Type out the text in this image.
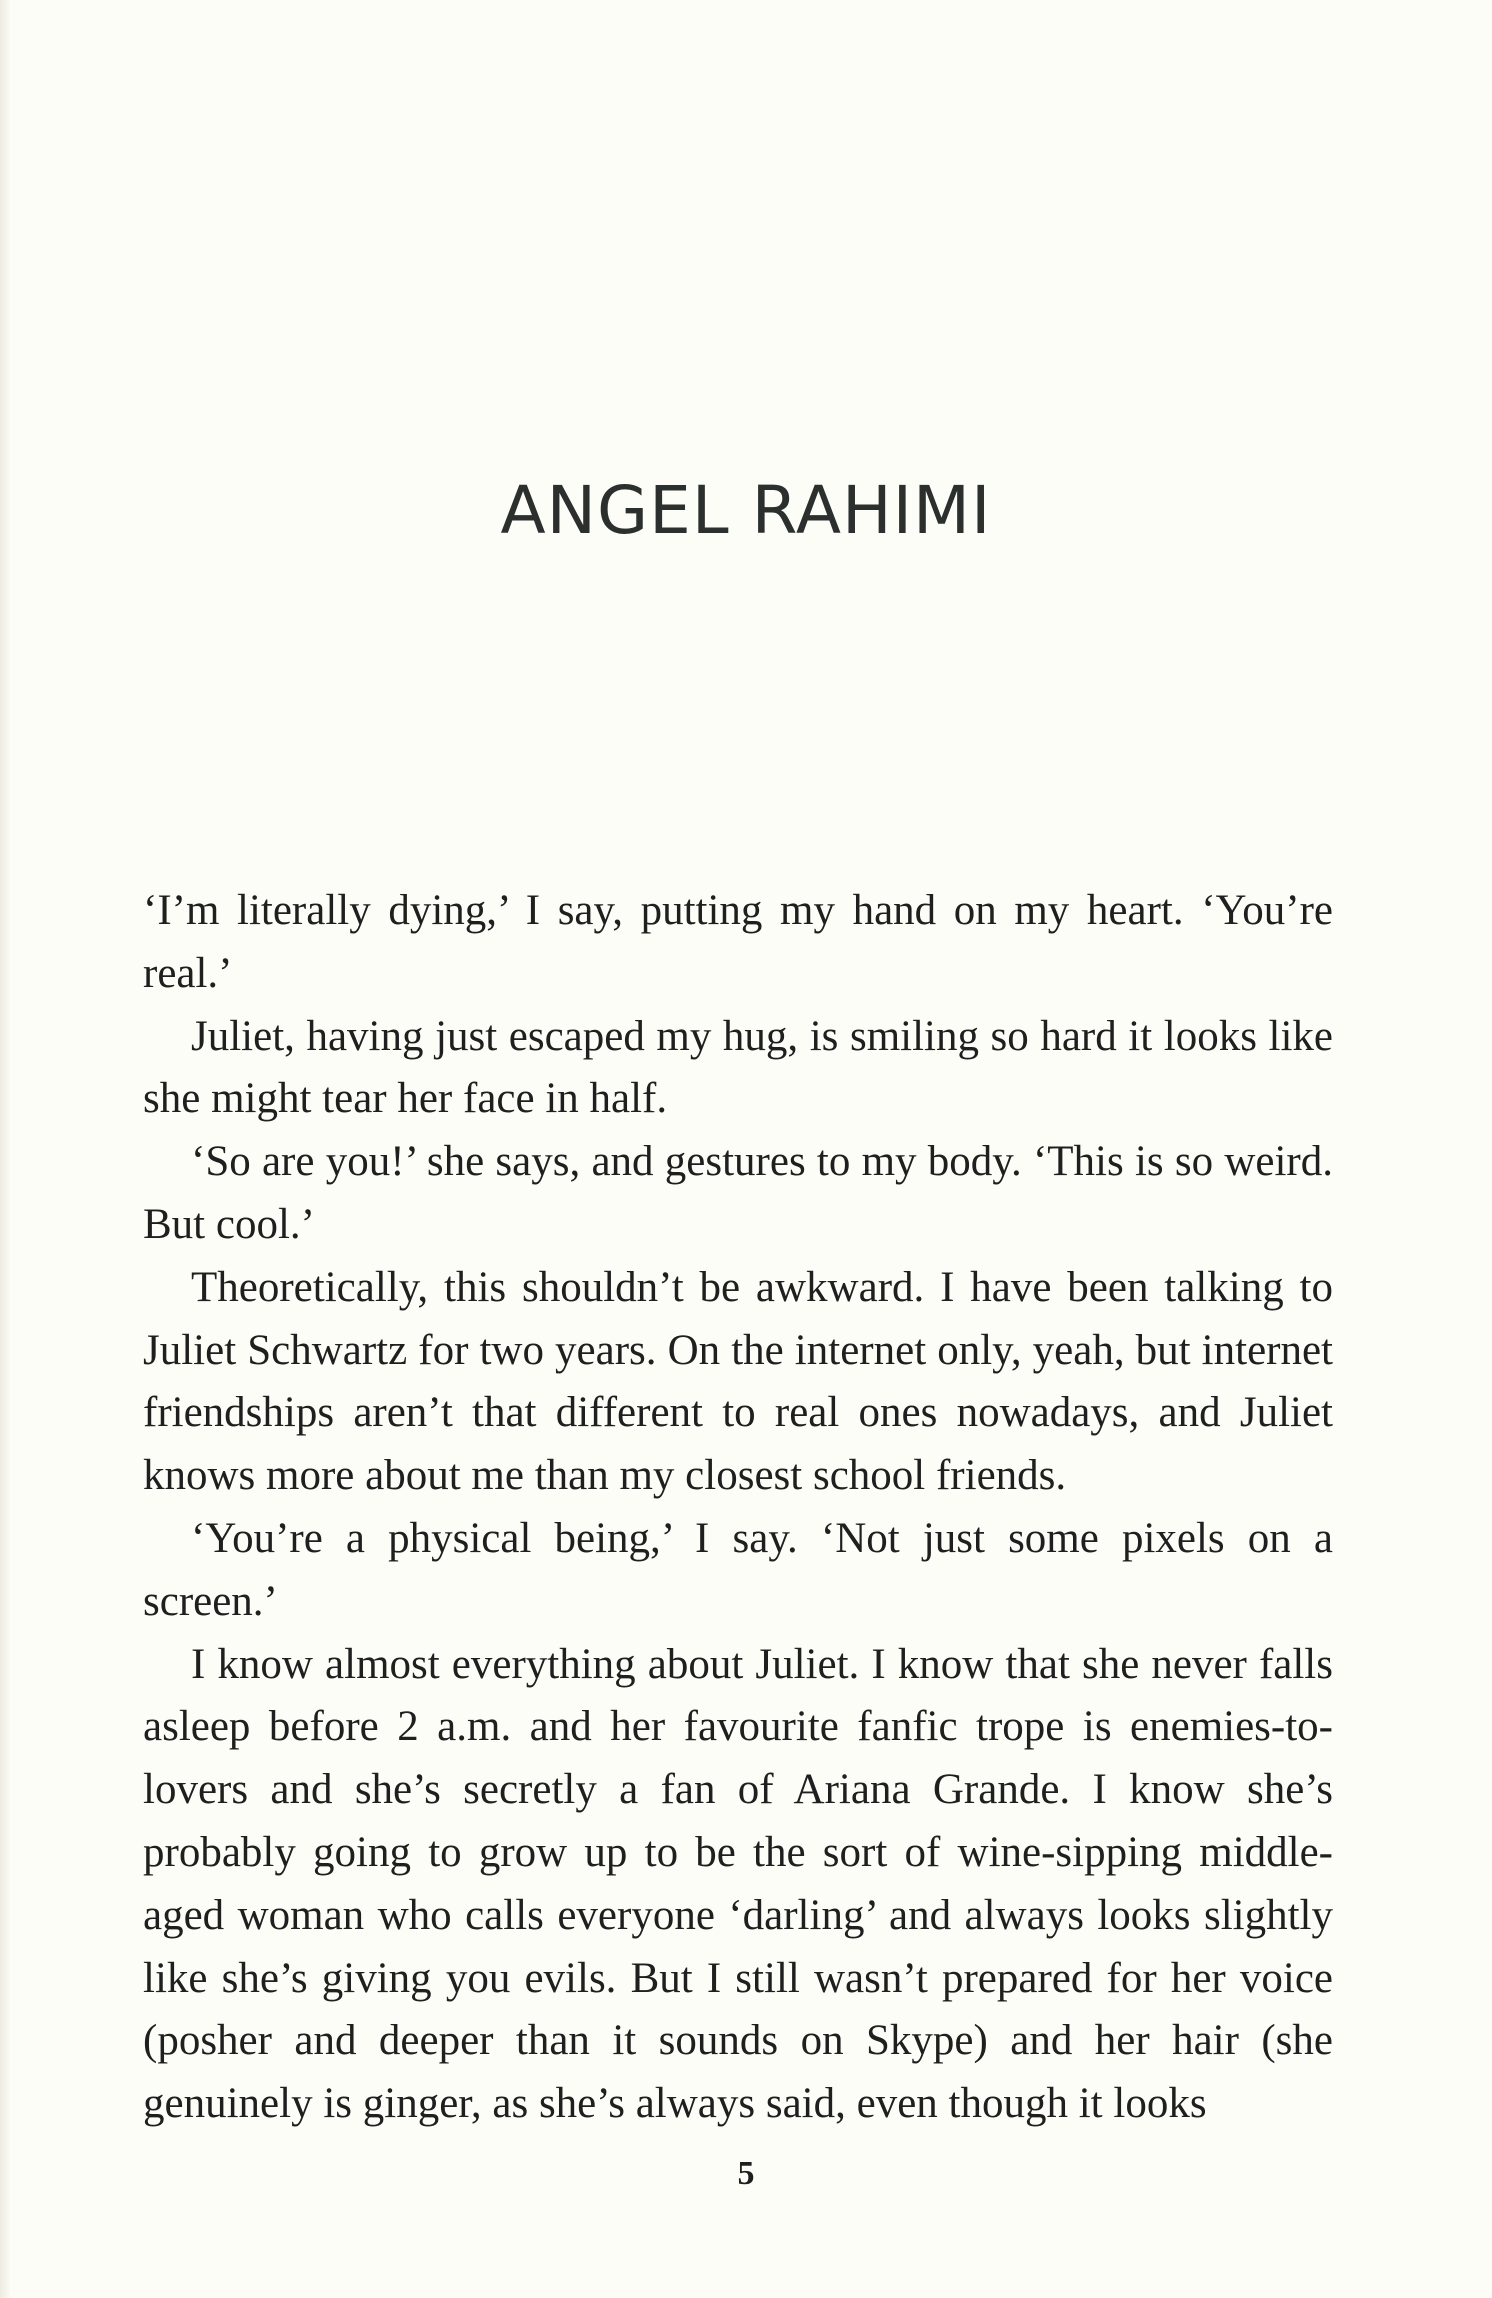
ANGEL RAHIMI

‘I’m literally dying,’ I say, putting my hand on my heart. ‘You’re real.’

Juliet, having just escaped my hug, is smiling so hard it looks like she might tear her face in half.

‘So are you!’ she says, and gestures to my body. ‘This is so weird. But cool.’

Theoretically, this shouldn’t be awkward. I have been talking to Juliet Schwartz for two years. On the internet only, yeah, but internet friendships aren’t that different to real ones nowadays, and Juliet knows more about me than my closest school friends.

‘You’re a physical being,’ I say. ‘Not just some pixels on a screen.’

I know almost everything about Juliet. I know that she never falls asleep before 2 a.m. and her favourite fanfic trope is enemies-to-lovers and she’s secretly a fan of Ariana Grande. I know she’s probably going to grow up to be the sort of wine-sipping middle-aged woman who calls everyone ‘darling’ and always looks slightly like she’s giving you evils. But I still wasn’t prepared for her voice (posher and deeper than it sounds on Skype) and her hair (she genuinely is ginger, as she’s always said, even though it looks

5
